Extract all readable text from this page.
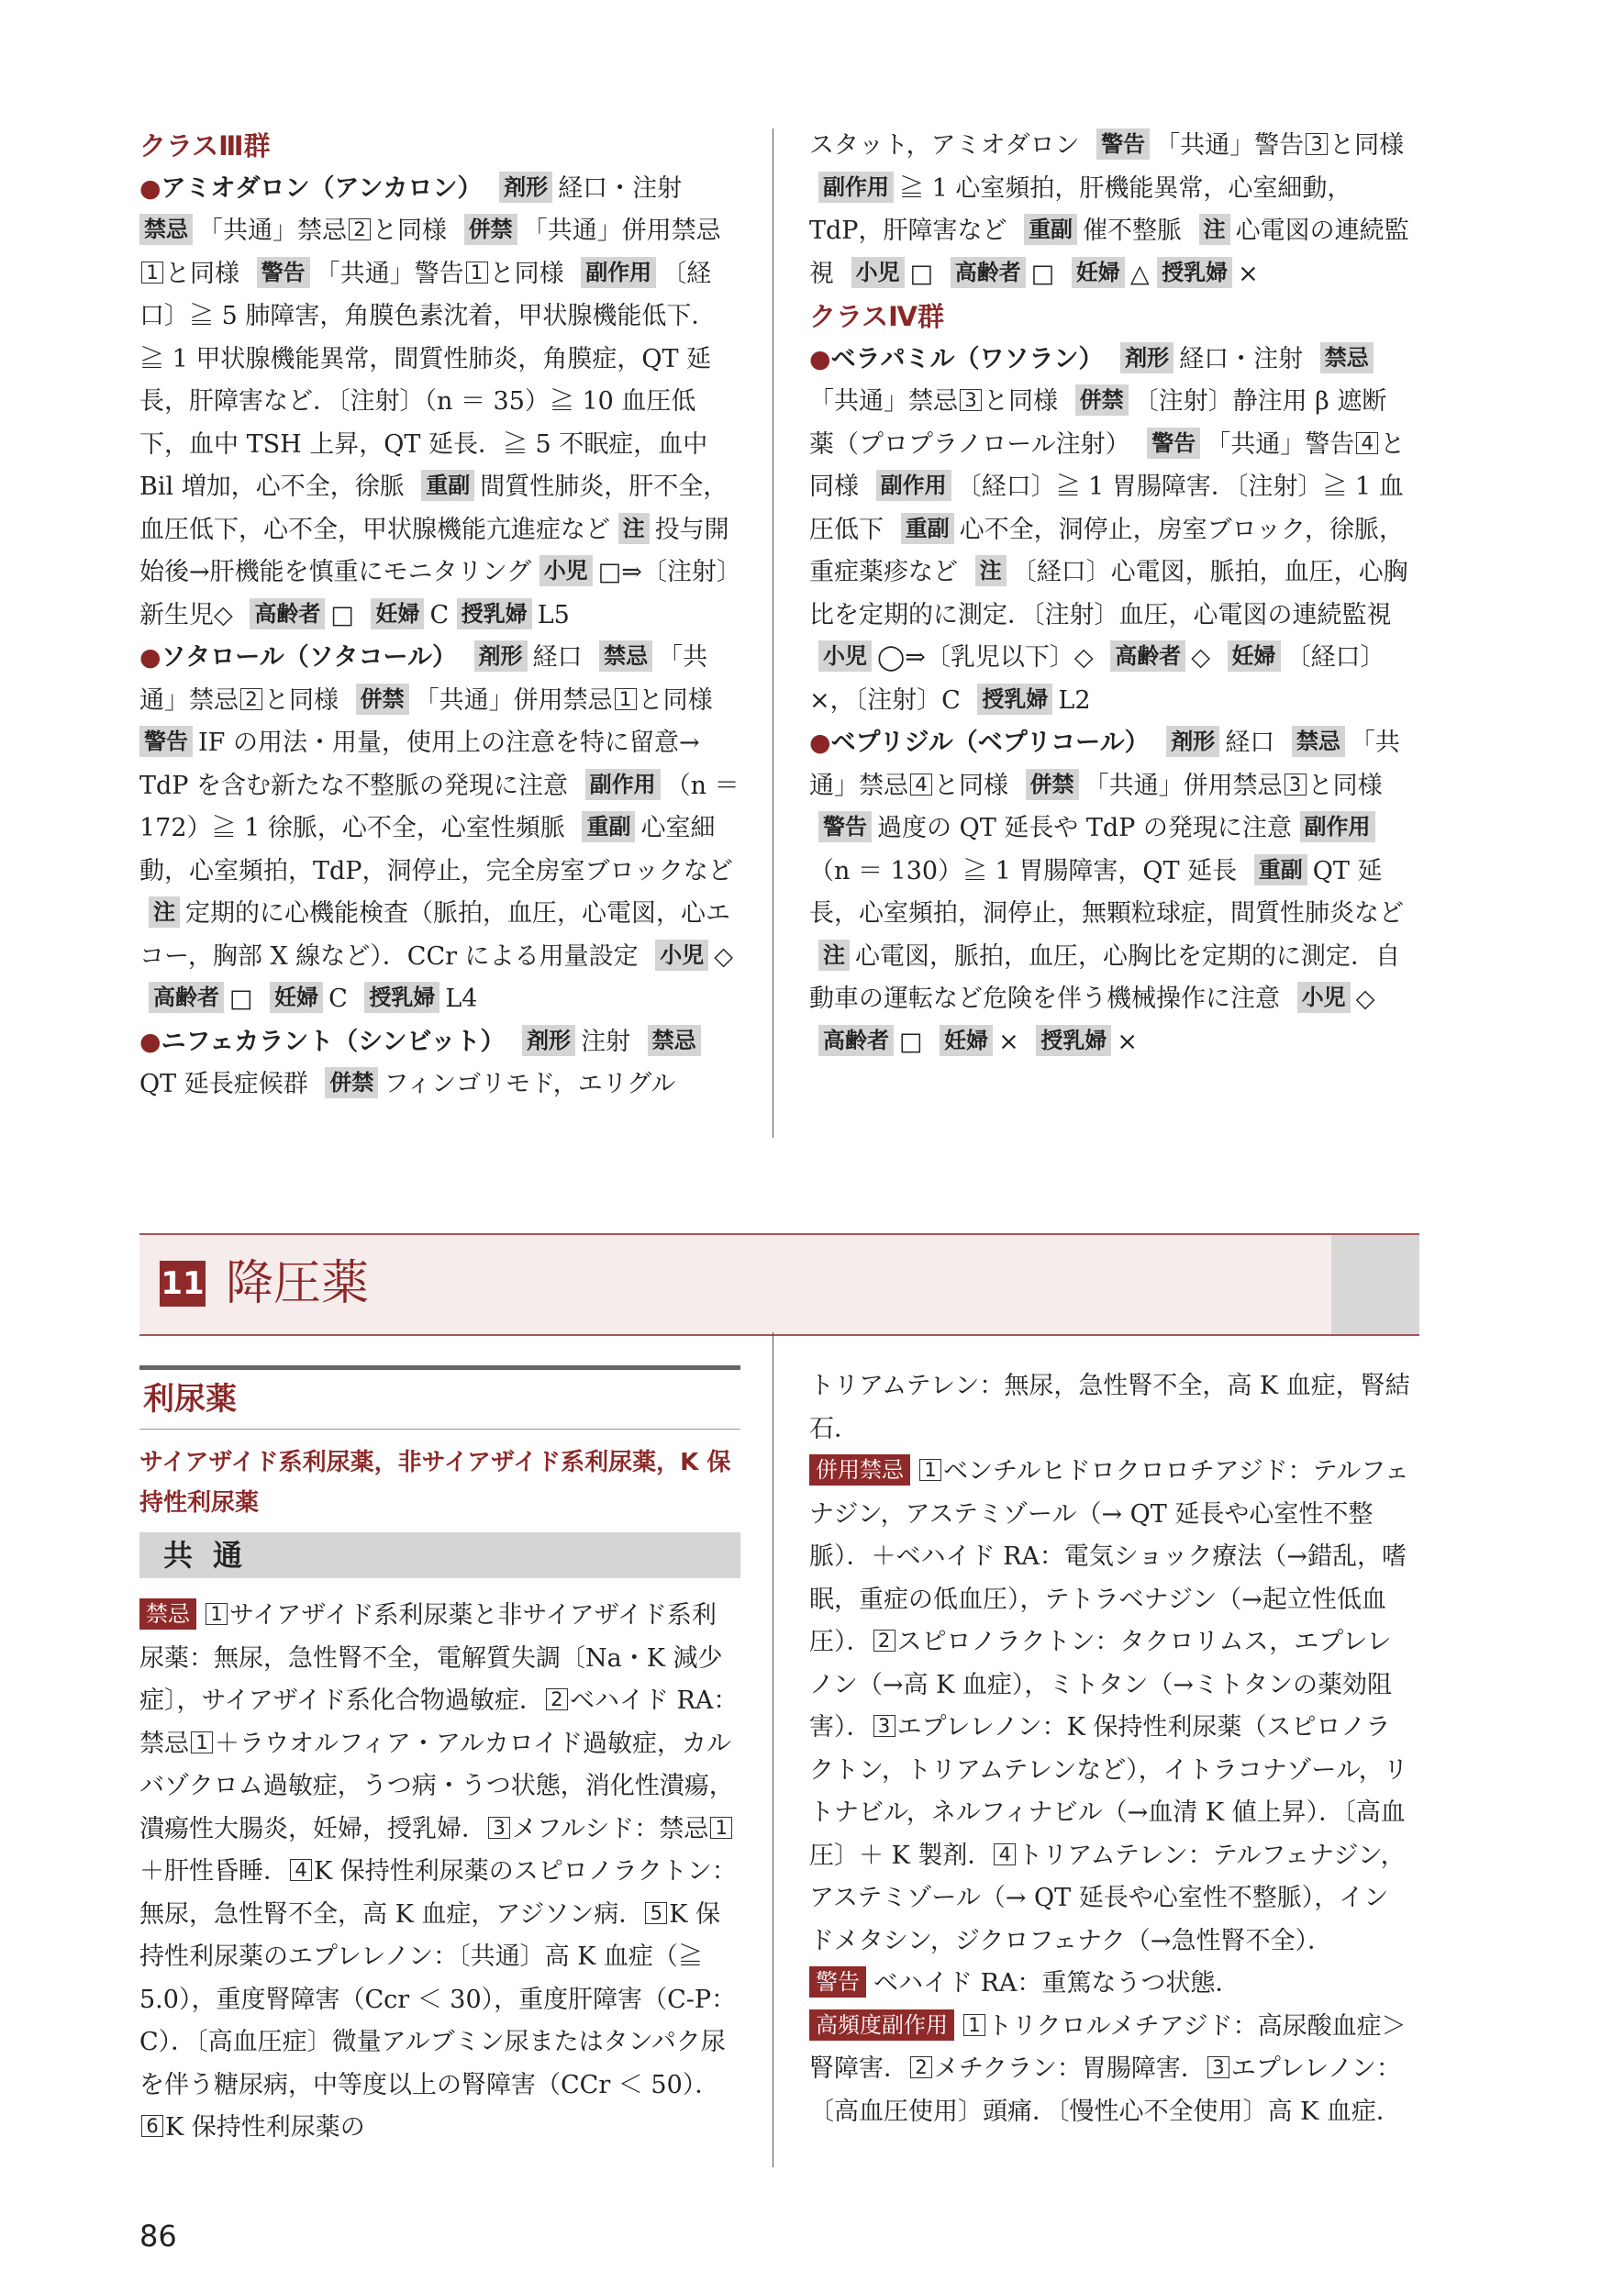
クラスⅢ群
●アミオダロン（アンカロン） 剤形 経口・注射 禁忌 「共通」禁忌 2 と同様 併禁 「共通」併用禁忌1 と同様 警告 「共通」警告 1 と同様 副作用 〔経口〕≧ 5 肺障害，角膜色素沈着，甲状腺機能低下．≧ 1 甲状腺機能異常，間質性肺炎，角膜症，QT 延長，肝障害など．〔注射〕（n ＝ 35）≧ 10 血圧低下，血中 TSH 上昇，QT 延長．≧ 5 不眠症，血中 Bil 増加，心不全，徐脈 重副 間質性肺炎，肝不全，血圧低下，心不全，甲状腺機能亢進症など 注 投与開始後→肝機能を慎重にモニタリング 小児 □⇒〔注射〕新生児◇ 高齢者 □ 妊婦 C 授乳婦 L5
●ソタロール（ソタコール） 剤形 経口 禁忌 「共通」禁忌 2 と同様 併禁 「共通」併用禁忌 1 と同様 警告 IF の用法・用量，使用上の注意を特に留意→ TdP を含む新たな不整脈の発現に注意 副作用 （n ＝ 172）≧ 1 徐脈，心不全，心室性頻脈 重副 心室細動，心室頻拍，TdP，洞停止，完全房室ブロックなど 注 定期的に心機能検査（脈拍，血圧，心電図，心エコー，胸部 X 線など）．CCr による用量設定 小児 ◇ 高齢者 □ 妊婦 C 授乳婦 L4
●ニフェカラント（シンビット） 剤形 注射 禁忌QT 延長症候群 併禁 フィンゴリモド，エリグル
スタット，アミオダロン 警告 「共通」警告 3 と同様 副作用 ≧ 1 心室頻拍，肝機能異常，心室細動，TdP，肝障害など 重副 催不整脈 注 心電図の連続監視 小児 □ 高齢者 □ 妊婦 △ 授乳婦 ×
クラスⅣ群
●ベラパミル（ワソラン） 剤形 経口・注射 禁忌「共通」禁忌 3 と同様 併禁 〔注射〕静注用 β 遮断薬（プロプラノロール注射） 警告 「共通」警告 4 と同様 副作用 〔経口〕≧ 1 胃腸障害．〔注射〕≧ 1 血圧低下 重副 心不全，洞停止，房室ブロック，徐脈，重症薬疹など 注 〔経口〕心電図，脈拍，血圧，心胸比を定期的に測定．〔注射〕血圧，心電図の連続監視 小児 ◯⇒〔乳児以下〕◇ 高齢者 ◇ 妊婦 〔経口〕×，〔注射〕C 授乳婦 L2
●ベプリジル（ベプリコール） 剤形 経口 禁忌 「共通」禁忌 4 と同様 併禁 「共通」併用禁忌 3 と同様 警告 過度の QT 延長や TdP の発現に注意 副作用（n ＝ 130）≧ 1 胃腸障害，QT 延長 重副 QT 延長，心室頻拍，洞停止，無顆粒球症，間質性肺炎など 注 心電図，脈拍，血圧，心胸比を定期的に測定．自動車の運転など危険を伴う機械操作に注意 小児 ◇ 高齢者 □ 妊婦 × 授乳婦 ×
11 降圧薬
利尿薬
サイアザイド系利尿薬，非サイアザイド系利尿薬，K 保持性利尿薬
共通
禁忌 1 サイアザイド系利尿薬と非サイアザイド系利尿薬：無尿，急性腎不全，電解質失調〔Na・K 減少症〕，サイアザイド系化合物過敏症． 2 ベハイド RA：禁忌 1 ＋ラウオルフィア・アルカロイド過敏症，カルバゾクロム過敏症，うつ病・うつ状態，消化性潰瘍，潰瘍性大腸炎，妊婦，授乳婦． 3 メフルシド：禁忌 1＋肝性昏睡． 4 K 保持性利尿薬のスピロノラクトン：無尿，急性腎不全，高 K 血症，アジソン病． 5 K 保持性利尿薬のエプレレノン：〔共通〕高 K 血症（≧ 5.0），重度腎障害（Ccr ＜ 30），重度肝障害（C-P：C）．〔高血圧症〕微量アルブミン尿またはタンパク尿を伴う糖尿病，中等度以上の腎障害（CCr ＜ 50）．6 K 保持性利尿薬の
トリアムテレン：無尿，急性腎不全，高 K 血症，腎結石．
併用禁忌 1 ベンチルヒドロクロロチアジド：テルフェナジン，アステミゾール（→ QT 延長や心室性不整脈）．＋ベハイド RA：電気ショック療法（→錯乱，嗜眠，重症の低血圧），テトラベナジン（→起立性低血圧）． 2 スピロノラクトン：タクロリムス，エプレレノン（→高 K 血症），ミトタン（→ミトタンの薬効阻害）． 3 エプレレノン：K 保持性利尿薬（スピロノラクトン，トリアムテレンなど），イトラコナゾール，リトナビル，ネルフィナビル（→血清 K 値上昇）．〔高血圧〕＋ K 製剤． 4 トリアムテレン：テルフェナジン，アステミゾール（→ QT 延長や心室性不整脈），インドメタシン，ジクロフェナク（→急性腎不全）．
警告 ベハイド RA：重篤なうつ状態．
高頻度副作用 1 トリクロルメチアジド：高尿酸血症＞腎障害． 2 メチクラン：胃腸障害． 3 エプレレノン：〔高血圧使用〕頭痛．〔慢性心不全使用〕高 K 血症．
86
